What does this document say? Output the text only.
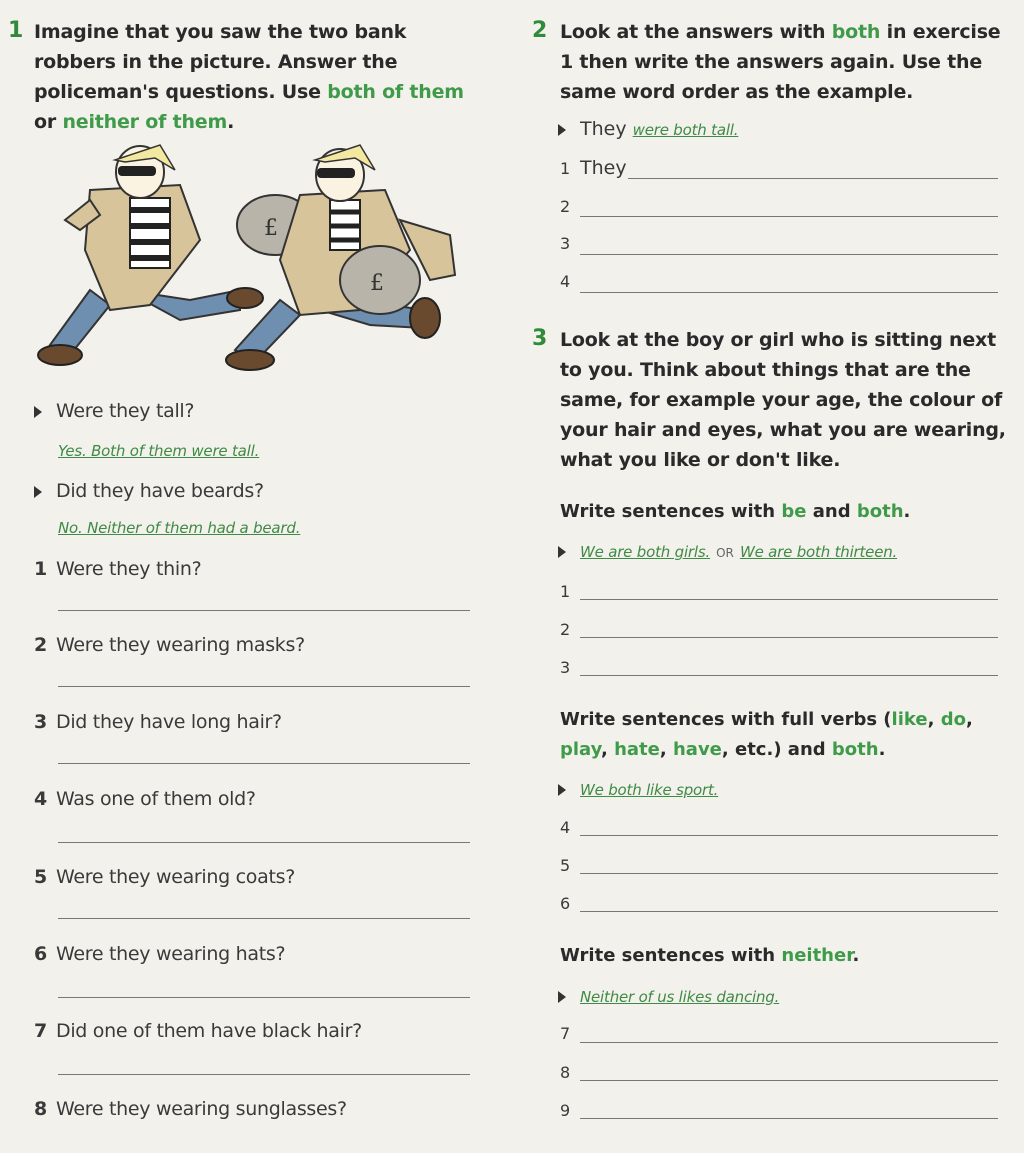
1 Imagine that you saw the two bank robbers in the picture. Answer the policeman's questions. Use both of them or neither of them.
£
£
Were they tall?
Yes. Both of them were tall.
Did they have beards?
No. Neither of them had a beard.
1 Were they thin?
2 Were they wearing masks?
3 Did they have long hair?
4 Was one of them old?
5 Were they wearing coats?
6 Were they wearing hats?
7 Did one of them have black hair?
8 Were they wearing sunglasses?
2 Look at the answers with both in exercise 1 then write the answers again. Use the same word order as the example.
They were both tall.
1 They
2
3
4
3 Look at the boy or girl who is sitting next to you. Think about things that are the same, for example your age, the colour of your hair and eyes, what you are wearing, what you like or don't like.
Write sentences with be and both.
We are both girls. OR We are both thirteen.
1
2
3
Write sentences with full verbs (like, do, play, hate, have, etc.) and both.
We both like sport.
4
5
6
Write sentences with neither.
Neither of us likes dancing.
7
8
9
